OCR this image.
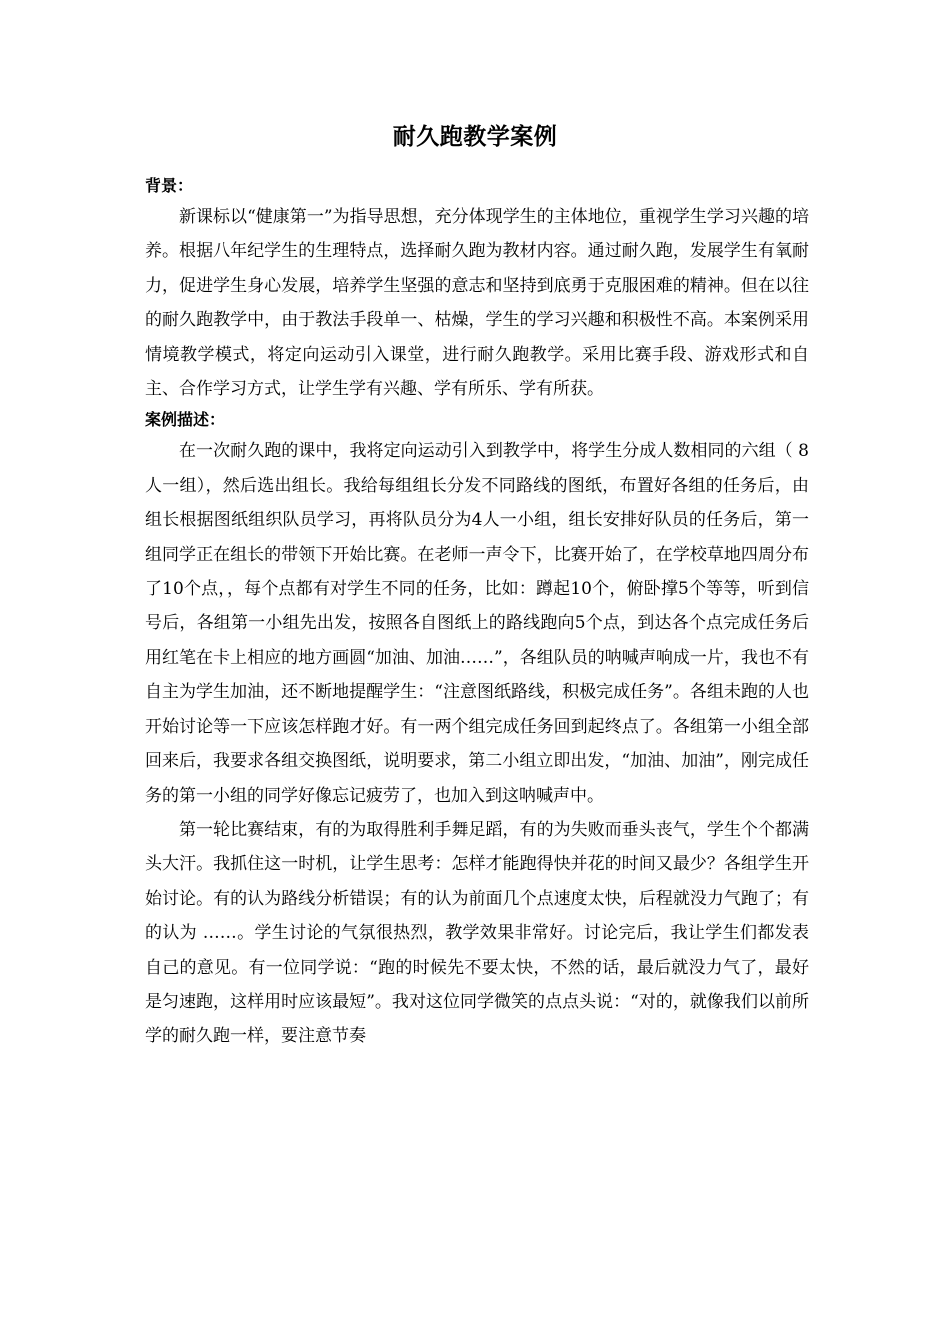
耐久跑教学案例

背景：

新课标以“健康第一”为指导思想，充分体现学生的主体地位，重视学生学习兴趣的培养。根据八年纪学生的生理特点，选择耐久跑为教材内容。通过耐久跑，发展学生有氧耐力，促进学生身心发展，培养学生坚强的意志和坚持到底勇于克服困难的精神。但在以往的耐久跑教学中，由于教法手段单一、枯燥，学生的学习兴趣和积极性不高。本案例采用情境教学模式，将定向运动引入课堂，进行耐久跑教学。采用比赛手段、游戏形式和自主、合作学习方式，让学生学有兴趣、学有所乐、学有所获。

案例描述：

在一次耐久跑的课中，我将定向运动引入到教学中，将学生分成人数相同的六组（ 8人一组），然后选出组长。我给每组组长分发不同路线的图纸，布置好各组的任务后，由组长根据图纸组织队员学习，再将队员分为4人一小组，组长安排好队员的任务后，第一组同学正在组长的带领下开始比赛。在老师一声令下，比赛开始了，在学校草地四周分布了10个点，，每个点都有对学生不同的任务，比如：蹲起10个，俯卧撑5个等等，听到信号后，各组第一小组先出发，按照各自图纸上的路线跑向5个点，到达各个点完成任务后用红笔在卡上相应的地方画圆“加油、加油……”，各组队员的呐喊声响成一片，我也不有自主为学生加油，还不断地提醒学生：“注意图纸路线，积极完成任务”。各组未跑的人也开始讨论等一下应该怎样跑才好。有一两个组完成任务回到起终点了。各组第一小组全部回来后，我要求各组交换图纸，说明要求，第二小组立即出发，“加油、加油”，刚完成任务的第一小组的同学好像忘记疲劳了，也加入到这呐喊声中。

第一轮比赛结束，有的为取得胜利手舞足蹈，有的为失败而垂头丧气，学生个个都满头大汗。我抓住这一时机，让学生思考：怎样才能跑得快并花的时间又最少？各组学生开始讨论。有的认为路线分析错误；有的认为前面几个点速度太快，后程就没力气跑了；有的认为 ……。学生讨论的气氛很热烈，教学效果非常好。讨论完后，我让学生们都发表自己的意见。有一位同学说：“跑的时候先不要太快，不然的话，最后就没力气了，最好是匀速跑，这样用时应该最短”。我对这位同学微笑的点点头说：“对的，就像我们以前所学的耐久跑一样，要注意节奏
